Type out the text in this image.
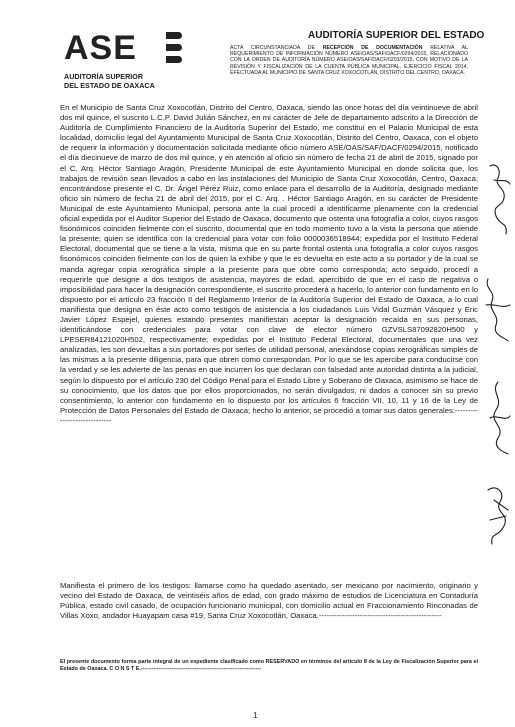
ASE
AUDITORÍA SUPERIOR
DEL ESTADO DE OAXACA
AUDITORÍA SUPERIOR DEL ESTADO
ACTA CIRCUNSTANCIADA DE RECEPCIÓN DE DOCUMENTACIÓN RELATIVA AL REQUERIMIENTO DE INFORMACIÓN NÚMERO ASE/OAS/SAF/DACF/0294/2015, RELACIONADO CON LA ORDEN DE AUDITORÍA NÚMERO ASE/OAS/SAF/DACF/0203/2015, CON MOTIVO DE LA REVISIÓN Y FISCALIZACIÓN DE LA CUENTA PÚBLICA MUNICIPAL, EJERCICIO FISCAL 2014, EFECTUADA AL MUNICIPIO DE SANTA CRUZ XOXOCOTLÁN, DISTRITO DEL CENTRO, OAXACA.

En el Municipio de Santa Cruz Xoxocotlán, Distrito del Centro, Oaxaca, siendo las once horas del día veintinueve de abril dos mil quince, el suscrito L.C.P. David Julián Sánchez, en mi carácter de Jefe de departamento adscrito a la Dirección de Auditoría de Cumplimiento Financiero de la Auditoría Superior del Estado, me constituí en el Palacio Municipal de esta localidad, domicilio legal del Ayuntamiento Municipal de Santa Cruz Xoxocotlán, Distrito del Centro, Oaxaca, con el objeto de requerir la información y documentación solicitada mediante oficio número ASE/OAS/SAF/DACF/0294/2015, notificado el día diecinueve de marzo de dos mil quince, y en atención al oficio sin número de fecha 21 de abril de 2015, signado por el C. Arq. Héctor Santiago Aragón, Presidente Municipal de este Ayuntamiento Municipal en donde solicita que, los trabajos de revisión sean llevados a cabo en las instalaciones del Municipio de Santa Cruz Xoxocotlán, Centro, Oaxaca; encontrándose presente el C. Dr. Ángel Pérez Ruiz, como enlace para el desarrollo de la Auditoría, designado mediante oficio sin número de fecha 21 de abril del 2015, por el C. Arq. . Héctor Santiago Aragón, en su carácter de Presidente Municipal de este Ayuntamiento Municipal, persona ante la cual procedí a identificarme plenamente con la credencial oficial expedida por el Auditor Superior del Estado de Oaxaca, documento que ostenta una fotografía a color, cuyos rasgos fisonómicos coinciden fielmente con el suscrito, documental que en todo momento tuvo a la vista la persona que atiende la presente; quien se identifica con la credencial para votar con folio 0000036518944; expedida por el Instituto Federal Electoral, documental que se tiene a la vista, misma que en su parte frontal ostenta una fotografía a color cuyos rasgos fisonómicos coinciden fielmente con los de quien la exhibe y que le es devuelta en este acto a su portador y de la cual se manda agregar copia xerográfica simple a la presente para que obre como corresponda; acto seguido, procedí a requerirle que designe a dos testigos de asistencia, mayores de edad, apercibido de que en el caso de negativa o imposibilidad para hacer la designación correspondiente, el suscrito procederá a hacerlo, lo anterior con fundamento en lo dispuesto por el artículo 23 fracción II del Reglamento Interior de la Auditoría Superior del Estado de Oaxaca, a lo cual manifiesta que designa en éste acto como testigos de asistencia a los ciudadanos Luis Vidal Guzmán Vásquez y Eric Javier López Espejel, quienes estando presentes manifiestan aceptar la designación recaída en sus personas, identificándose con credenciales para votar con clave de elector número GZVSLS87092820H500 y LPESER84121020H502, respectivamente; expedidas por el Instituto Federal Electoral, documentales que una vez analizadas, les son devueltas a sus portadores por serles de utilidad personal, anexándose copias xerográficas simples de las mismas a la presente diligencia, para que obren como correspondan. Por lo que se les apercibe para conducirse con la verdad y se les advierte de las penas en que incurren los que declaran con falsedad ante autoridad distinta a la judicial, según lo dispuesto por el artículo 230 del Código Penal para el Estado Libre y Soberano de Oaxaca, asimismo se hace de su conocimiento, que los datos que por ellos proporcionados, no serán divulgados, ni dados a conocer sin su previo consentimiento, lo anterior con fundamento en lo dispuesto por los artículos 6 fracción VII, 10, 11 y 16 de la Ley de Protección de Datos Personales del Estado de Oaxaca; hecho lo anterior, se procedió a tomar sus datos generales:-----------------------------

Manifiesta el primero de los testigos: llamarse como ha quedado asentado, ser mexicano por nacimiento, originario y vecino del Estado de Oaxaca, de veintiséis años de edad, con grado máximo de estudios de Licenciatura en Contaduría Pública, estado civil casado, de ocupación funcionario municipal, con domicilio actual en Fraccionamiento Rinconadas de Villas Xoxo, andador Huayapam casa #19, Santa Cruz Xoxocotlán, Oaxaca.------------------------------------------------

El presente documento forma parte integral de un expediente clasificado como RESERVADO en términos del artículo 8 de la Ley de Fiscalización Superior para el Estado de Oaxaca. C O N S T E.-------------------------------------------------------------------
1
